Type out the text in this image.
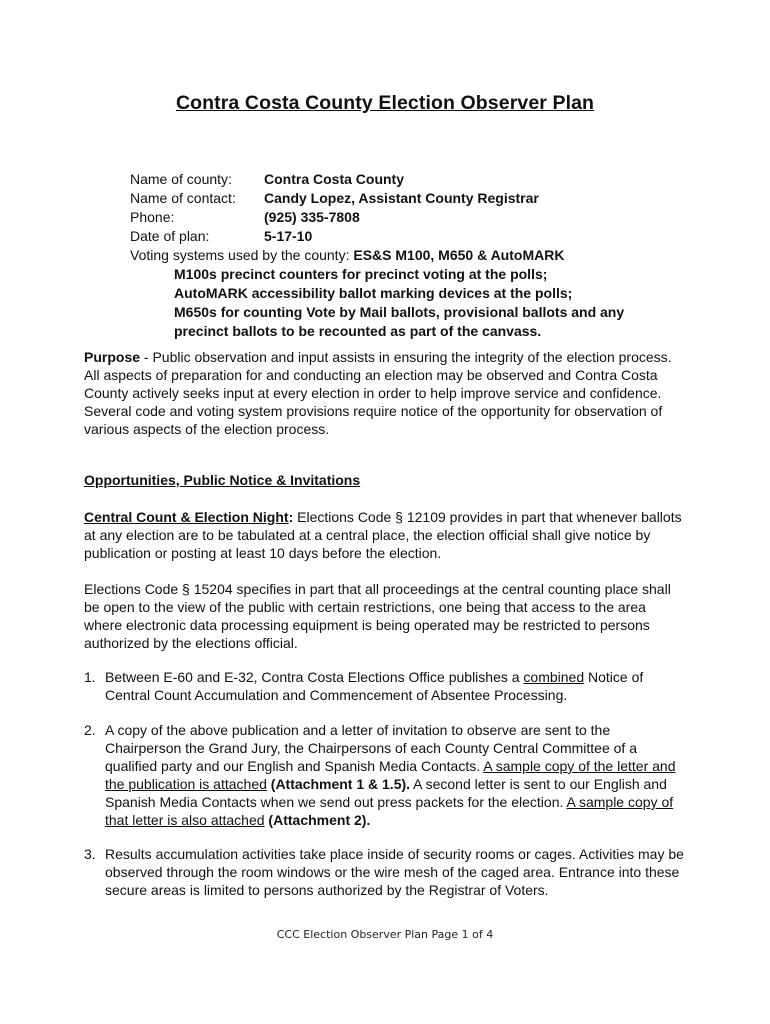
Contra Costa County Election Observer Plan
Name of county:	Contra Costa County
Name of contact:	Candy Lopez, Assistant County Registrar
Phone:	(925) 335-7808
Date of plan:	5-17-10
Voting systems used by the county: ES&S M100, M650 & AutoMARK
M100s precinct counters for precinct voting at the polls;
AutoMARK accessibility ballot marking devices at the polls;
M650s for counting Vote by Mail ballots, provisional ballots and any precinct ballots to be recounted as part of the canvass.
Purpose - Public observation and input assists in ensuring the integrity of the election process. All aspects of preparation for and conducting an election may be observed and Contra Costa County actively seeks input at every election in order to help improve service and confidence. Several code and voting system provisions require notice of the opportunity for observation of various aspects of the election process.
Opportunities, Public Notice & Invitations
Central Count & Election Night: Elections Code § 12109 provides in part that whenever ballots at any election are to be tabulated at a central place, the election official shall give notice by publication or posting at least 10 days before the election.
Elections Code § 15204 specifies in part that all proceedings at the central counting place shall be open to the view of the public with certain restrictions, one being that access to the area where electronic data processing equipment is being operated may be restricted to persons authorized by the elections official.
1. Between E-60 and E-32, Contra Costa Elections Office publishes a combined Notice of Central Count Accumulation and Commencement of Absentee Processing.
2. A copy of the above publication and a letter of invitation to observe are sent to the Chairperson the Grand Jury, the Chairpersons of each County Central Committee of a qualified party and our English and Spanish Media Contacts. A sample copy of the letter and the publication is attached (Attachment 1 & 1.5). A second letter is sent to our English and Spanish Media Contacts when we send out press packets for the election. A sample copy of that letter is also attached (Attachment 2).
3. Results accumulation activities take place inside of security rooms or cages. Activities may be observed through the room windows or the wire mesh of the caged area. Entrance into these secure areas is limited to persons authorized by the Registrar of Voters.
CCC Election Observer Plan Page 1 of 4
